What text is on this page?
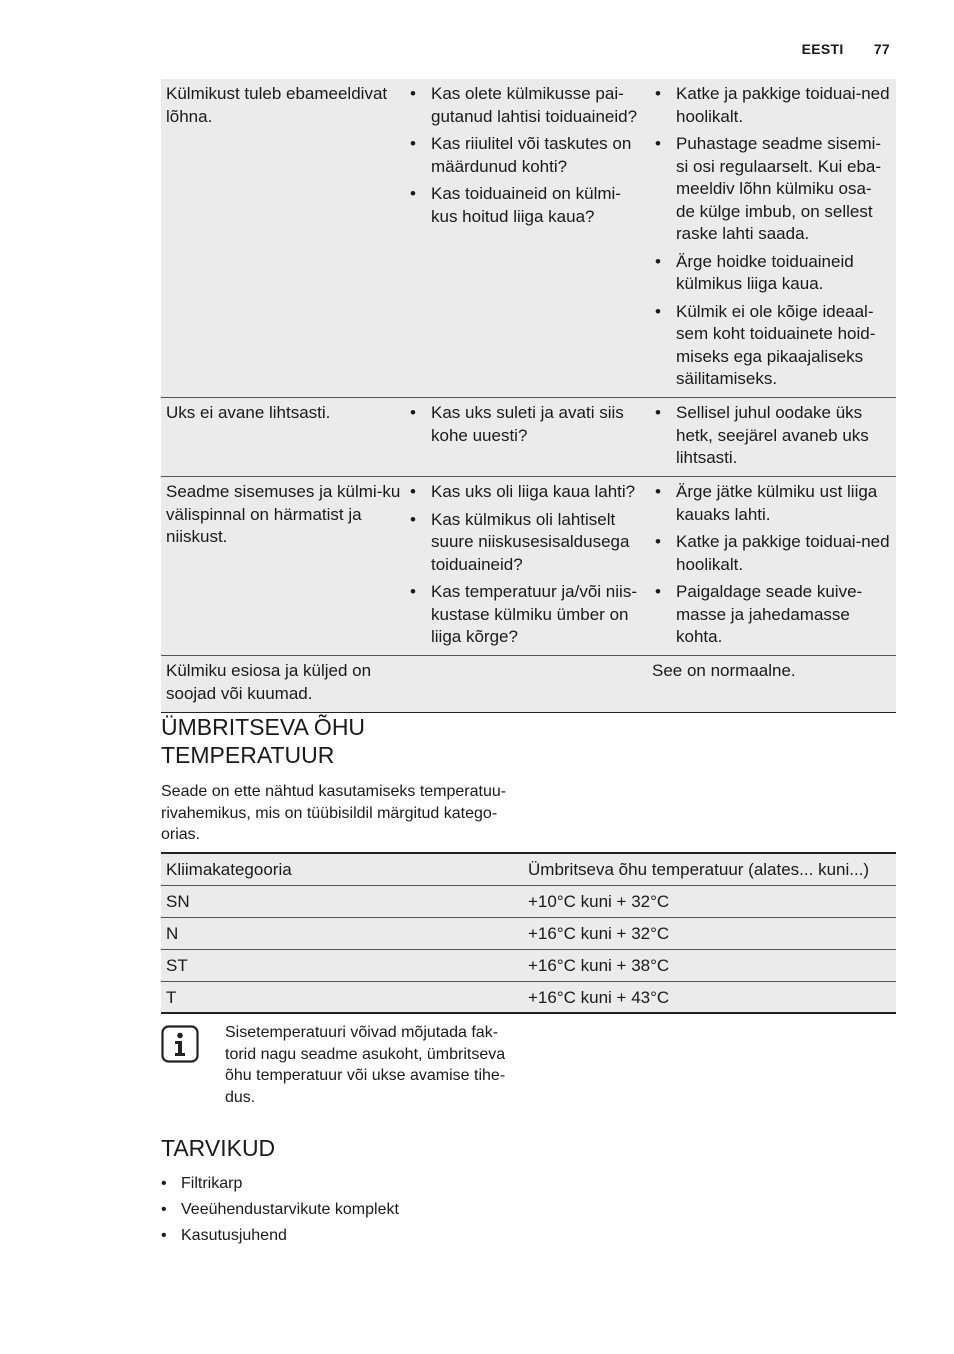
EESTI 77
Külmikust tuleb ebameeldivat lõhna.
• Kas olete külmikusse pai-gutanud lahtisi toiduaineid?
• Kas riiulitel või taskutes on määrdunud kohti?
• Kas toiduaineid on külmi-kus hoitud liiga kaua?
• Katke ja pakkige toiduai-ned hoolikalt.
• Puhastage seadme sisemi-si osi regulaarselt. Kui eba-meeldiv lõhn külmiku osa-de külge imbub, on sellest raske lahti saada.
• Ärge hoidke toiduaineid külmikus liiga kaua.
• Külmik ei ole kõige ideaal-sem koht toiduainete hoid-miseks ega pikaajaliseks säilitamiseks.
Uks ei avane lihtsasti.
•	Kas uks suleti ja avati siis kohe uuesti?
• Sellisel juhul oodake üks hetk, seejärel avaneb uks lihtsasti.
Seadme sisemuses ja külmi-ku välispinnal on härmatist ja niiskust.
• Kas uks oli liiga kaua lahti?
• Kas külmikus oli lahtiselt suure niiskusesisaldusega toiduaineid?
• Kas temperatuur ja/või niis-kustase külmiku ümber on liiga kõrge?
• Ärge jätke külmiku ust liiga kauaks lahti.
• Katke ja pakkige toiduai-ned hoolikalt.
• Paigaldage seade kuive-masse ja jahedamasse kohta.
Külmiku esiosa ja küljed on soojad või kuumad.
See on normaalne.
ÜMBRITSEVA ÕHU
TEMPERATUUR
Seade on ette nähtud kasutamiseks temperatuu-rivahemikus, mis on tüübisildil märgitud katego-orias.
Kliimakategooria	Ümbritseva õhu temperatuur (alates... kuni...)
SN	+10°C kuni + 32°C
N	+16°C kuni + 32°C
ST	+16°C kuni + 38°C
T	+16°C kuni + 43°C
Sisetemperatuuri võivad mõjutada fak-torid nagu seadme asukoht, ümbritseva õhu temperatuur või ukse avamise tihe-dus.
TARVIKUD
• Filtrikarp
• Veeühendustarvikute komplekt
• Kasutusjuhend
